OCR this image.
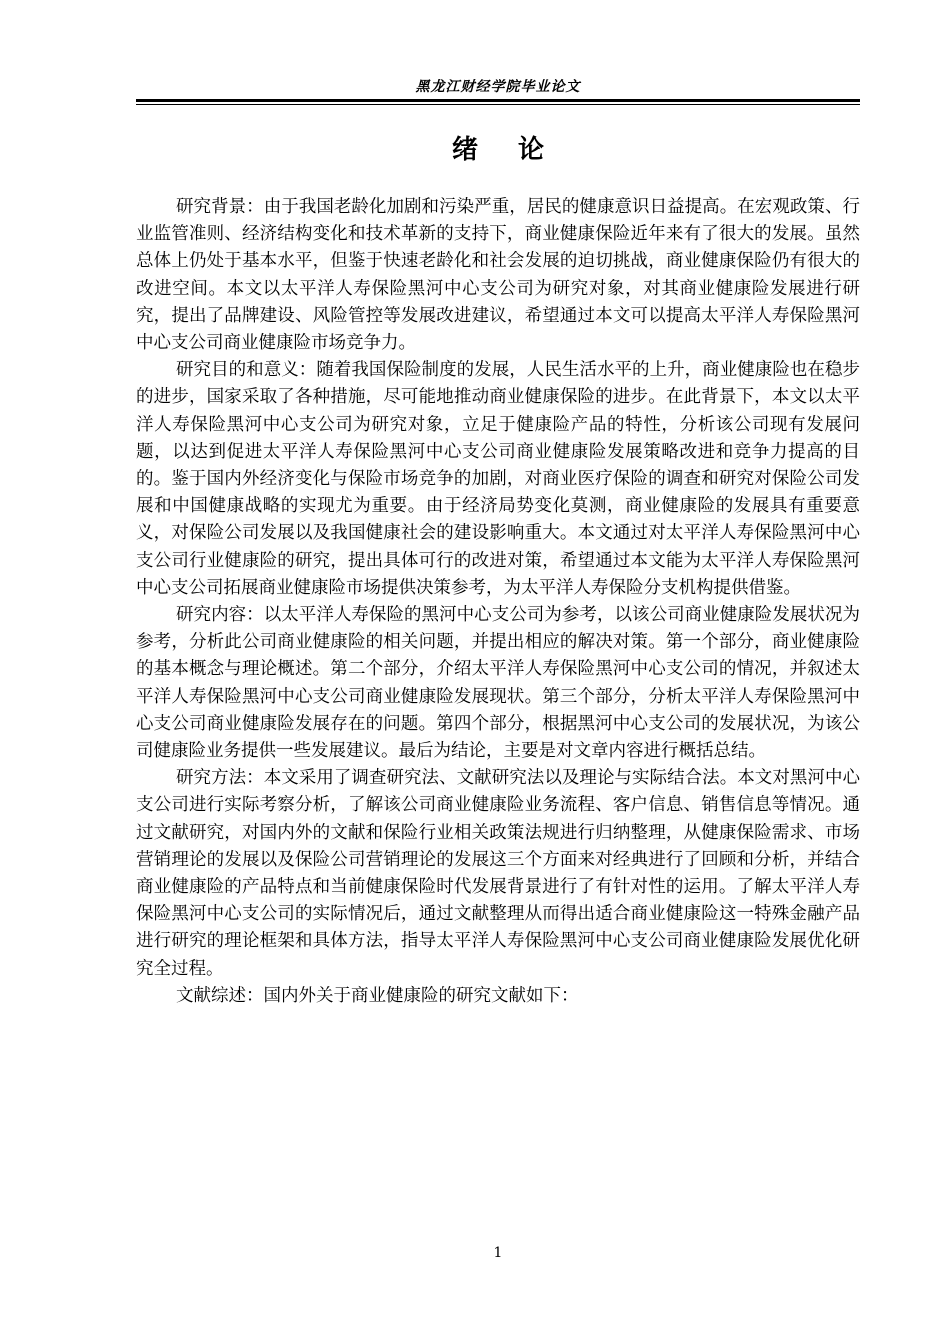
黑龙江财经学院毕业论文
绪论

研究背景：由于我国老龄化加剧和污染严重，居民的健康意识日益提高。在宏观政策、行业监管准则、经济结构变化和技术革新的支持下，商业健康保险近年来有了很大的发展。虽然总体上仍处于基本水平，但鉴于快速老龄化和社会发展的迫切挑战，商业健康保险仍有很大的改进空间。本文以太平洋人寿保险黑河中心支公司为研究对象，对其商业健康险发展进行研究，提出了品牌建设、风险管控等发展改进建议，希望通过本文可以提高太平洋人寿保险黑河中心支公司商业健康险市场竞争力。

研究目的和意义：随着我国保险制度的发展，人民生活水平的上升，商业健康险也在稳步的进步，国家采取了各种措施，尽可能地推动商业健康保险的进步。在此背景下，本文以太平洋人寿保险黑河中心支公司为研究对象，立足于健康险产品的特性，分析该公司现有发展问题，以达到促进太平洋人寿保险黑河中心支公司商业健康险发展策略改进和竞争力提高的目的。鉴于国内外经济变化与保险市场竞争的加剧，对商业医疗保险的调查和研究对保险公司发展和中国健康战略的实现尤为重要。由于经济局势变化莫测，商业健康险的发展具有重要意义，对保险公司发展以及我国健康社会的建设影响重大。本文通过对太平洋人寿保险黑河中心支公司行业健康险的研究，提出具体可行的改进对策，希望通过本文能为太平洋人寿保险黑河中心支公司拓展商业健康险市场提供决策参考，为太平洋人寿保险分支机构提供借鉴。

研究内容：以太平洋人寿保险的黑河中心支公司为参考，以该公司商业健康险发展状况为参考，分析此公司商业健康险的相关问题，并提出相应的解决对策。第一个部分，商业健康险的基本概念与理论概述。第二个部分，介绍太平洋人寿保险黑河中心支公司的情况，并叙述太平洋人寿保险黑河中心支公司商业健康险发展现状。第三个部分，分析太平洋人寿保险黑河中心支公司商业健康险发展存在的问题。第四个部分，根据黑河中心支公司的发展状况，为该公司健康险业务提供一些发展建议。最后为结论，主要是对文章内容进行概括总结。

研究方法：本文采用了调查研究法、文献研究法以及理论与实际结合法。本文对黑河中心支公司进行实际考察分析，了解该公司商业健康险业务流程、客户信息、销售信息等情况。通过文献研究，对国内外的文献和保险行业相关政策法规进行归纳整理，从健康保险需求、市场营销理论的发展以及保险公司营销理论的发展这三个方面来对经典进行了回顾和分析，并结合商业健康险的产品特点和当前健康保险时代发展背景进行了有针对性的运用。了解太平洋人寿保险黑河中心支公司的实际情况后，通过文献整理从而得出适合商业健康险这一特殊金融产品进行研究的理论框架和具体方法，指导太平洋人寿保险黑河中心支公司商业健康险发展优化研究全过程。

文献综述：国内外关于商业健康险的研究文献如下：

1
